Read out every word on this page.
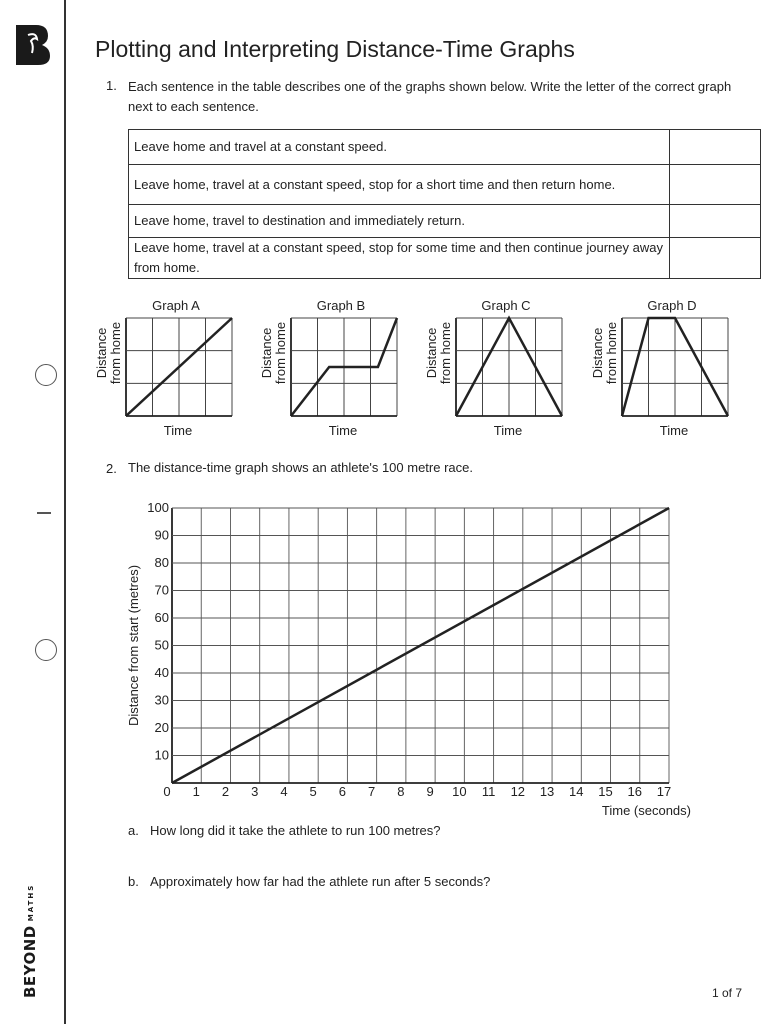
BEYONDMATHS
Plotting and Interpreting Distance-Time Graphs
1. Each sentence in the table describes one of the graphs shown below. Write the letter of the correct graph next to each sentence.
Leave home and travel at a constant speed.	
Leave home, travel at a constant speed, stop for a short time and then return home.	
Leave home, travel to destination and immediately return.	
Leave home, travel at a constant speed, stop for some time and then continue journey away from home.	
Graph A
Distance from home
Time
Graph B
Distance from home
Time
Graph C
Distance from home
Time
Graph D
Distance from home
Time
2. The distance-time graph shows an athlete's 100 metre race.
10
20
30
40
50
60
70
80
90
100
0 1 2 3 4 5 6 7 8 9 10 11 12 13 14 15 16 17
Distance from start (metres)
Time (seconds)
a. How long did it take the athlete to run 100 metres?
b. Approximately how far had the athlete run after 5 seconds?
1 of 7
